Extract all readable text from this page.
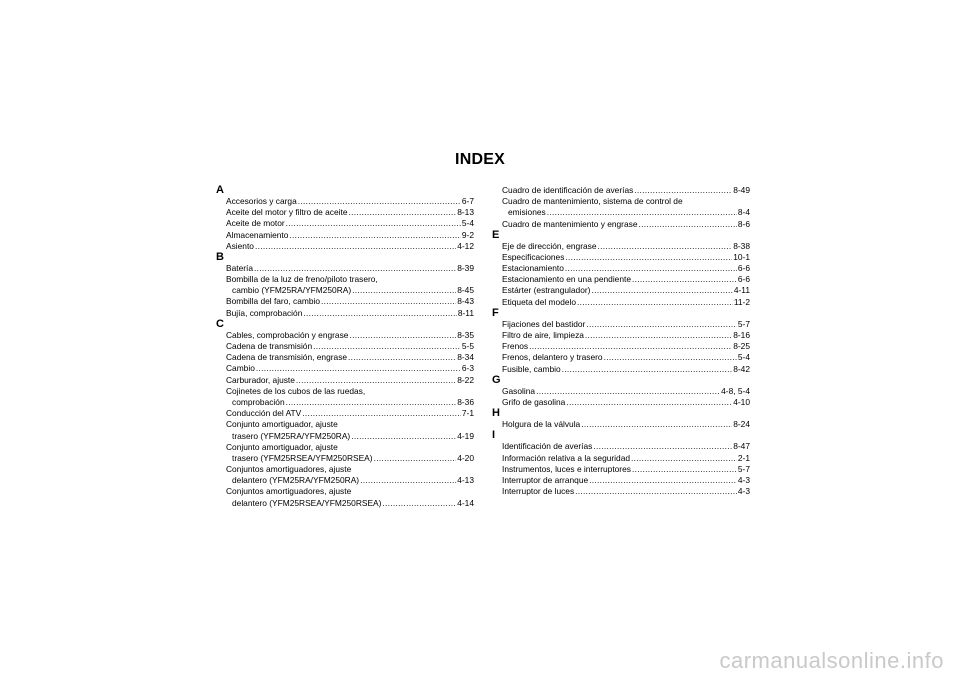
INDEX
A
Accesorios y carga .....	6-7
Aceite del motor y filtro de aceite .....	8-13
Aceite de motor .....	5-4
Almacenamiento .....	9-2
Asiento .....	4-12
B
Batería .....	8-39
Bombilla de la luz de freno/piloto trasero,
cambio (YFM25RA/YFM250RA) .....	8-45
Bombilla del faro, cambio .....	8-43
Bujía, comprobación .....	8-11
C
Cables, comprobación y engrase .....	8-35
Cadena de transmisión .....	5-5
Cadena de transmisión, engrase .....	8-34
Cambio .....	6-3
Carburador, ajuste .....	8-22
Cojinetes de los cubos de las ruedas,
comprobación .....	8-36
Conducción del ATV .....	7-1
Conjunto amortiguador, ajuste
trasero (YFM25RA/YFM250RA) .....	4-19
Conjunto amortiguador, ajuste
trasero (YFM25RSEA/YFM250RSEA) .....	4-20
Conjuntos amortiguadores, ajuste
delantero (YFM25RA/YFM250RA) .....	4-13
Conjuntos amortiguadores, ajuste
delantero (YFM25RSEA/YFM250RSEA) .....	4-14
Cuadro de identificación de averías .....	8-49
Cuadro de mantenimiento, sistema de control de
emisiones .....	8-4
Cuadro de mantenimiento y engrase .....	8-6
E
Eje de dirección, engrase .....	8-38
Especificaciones .....	10-1
Estacionamiento .....	6-6
Estacionamiento en una pendiente .....	6-6
Estárter (estrangulador) .....	4-11
Etiqueta del modelo .....	11-2
F
Fijaciones del bastidor .....	5-7
Filtro de aire, limpieza .....	8-16
Frenos .....	8-25
Frenos, delantero y trasero .....	5-4
Fusible, cambio .....	8-42
G
Gasolina .....	4-8, 5-4
Grifo de gasolina .....	4-10
H
Holgura de la válvula .....	8-24
I
Identificación de averías .....	8-47
Información relativa a la seguridad .....	2-1
Instrumentos, luces e interruptores .....	5-7
Interruptor de arranque .....	4-3
Interruptor de luces .....	4-3
carmanualsonline.info
